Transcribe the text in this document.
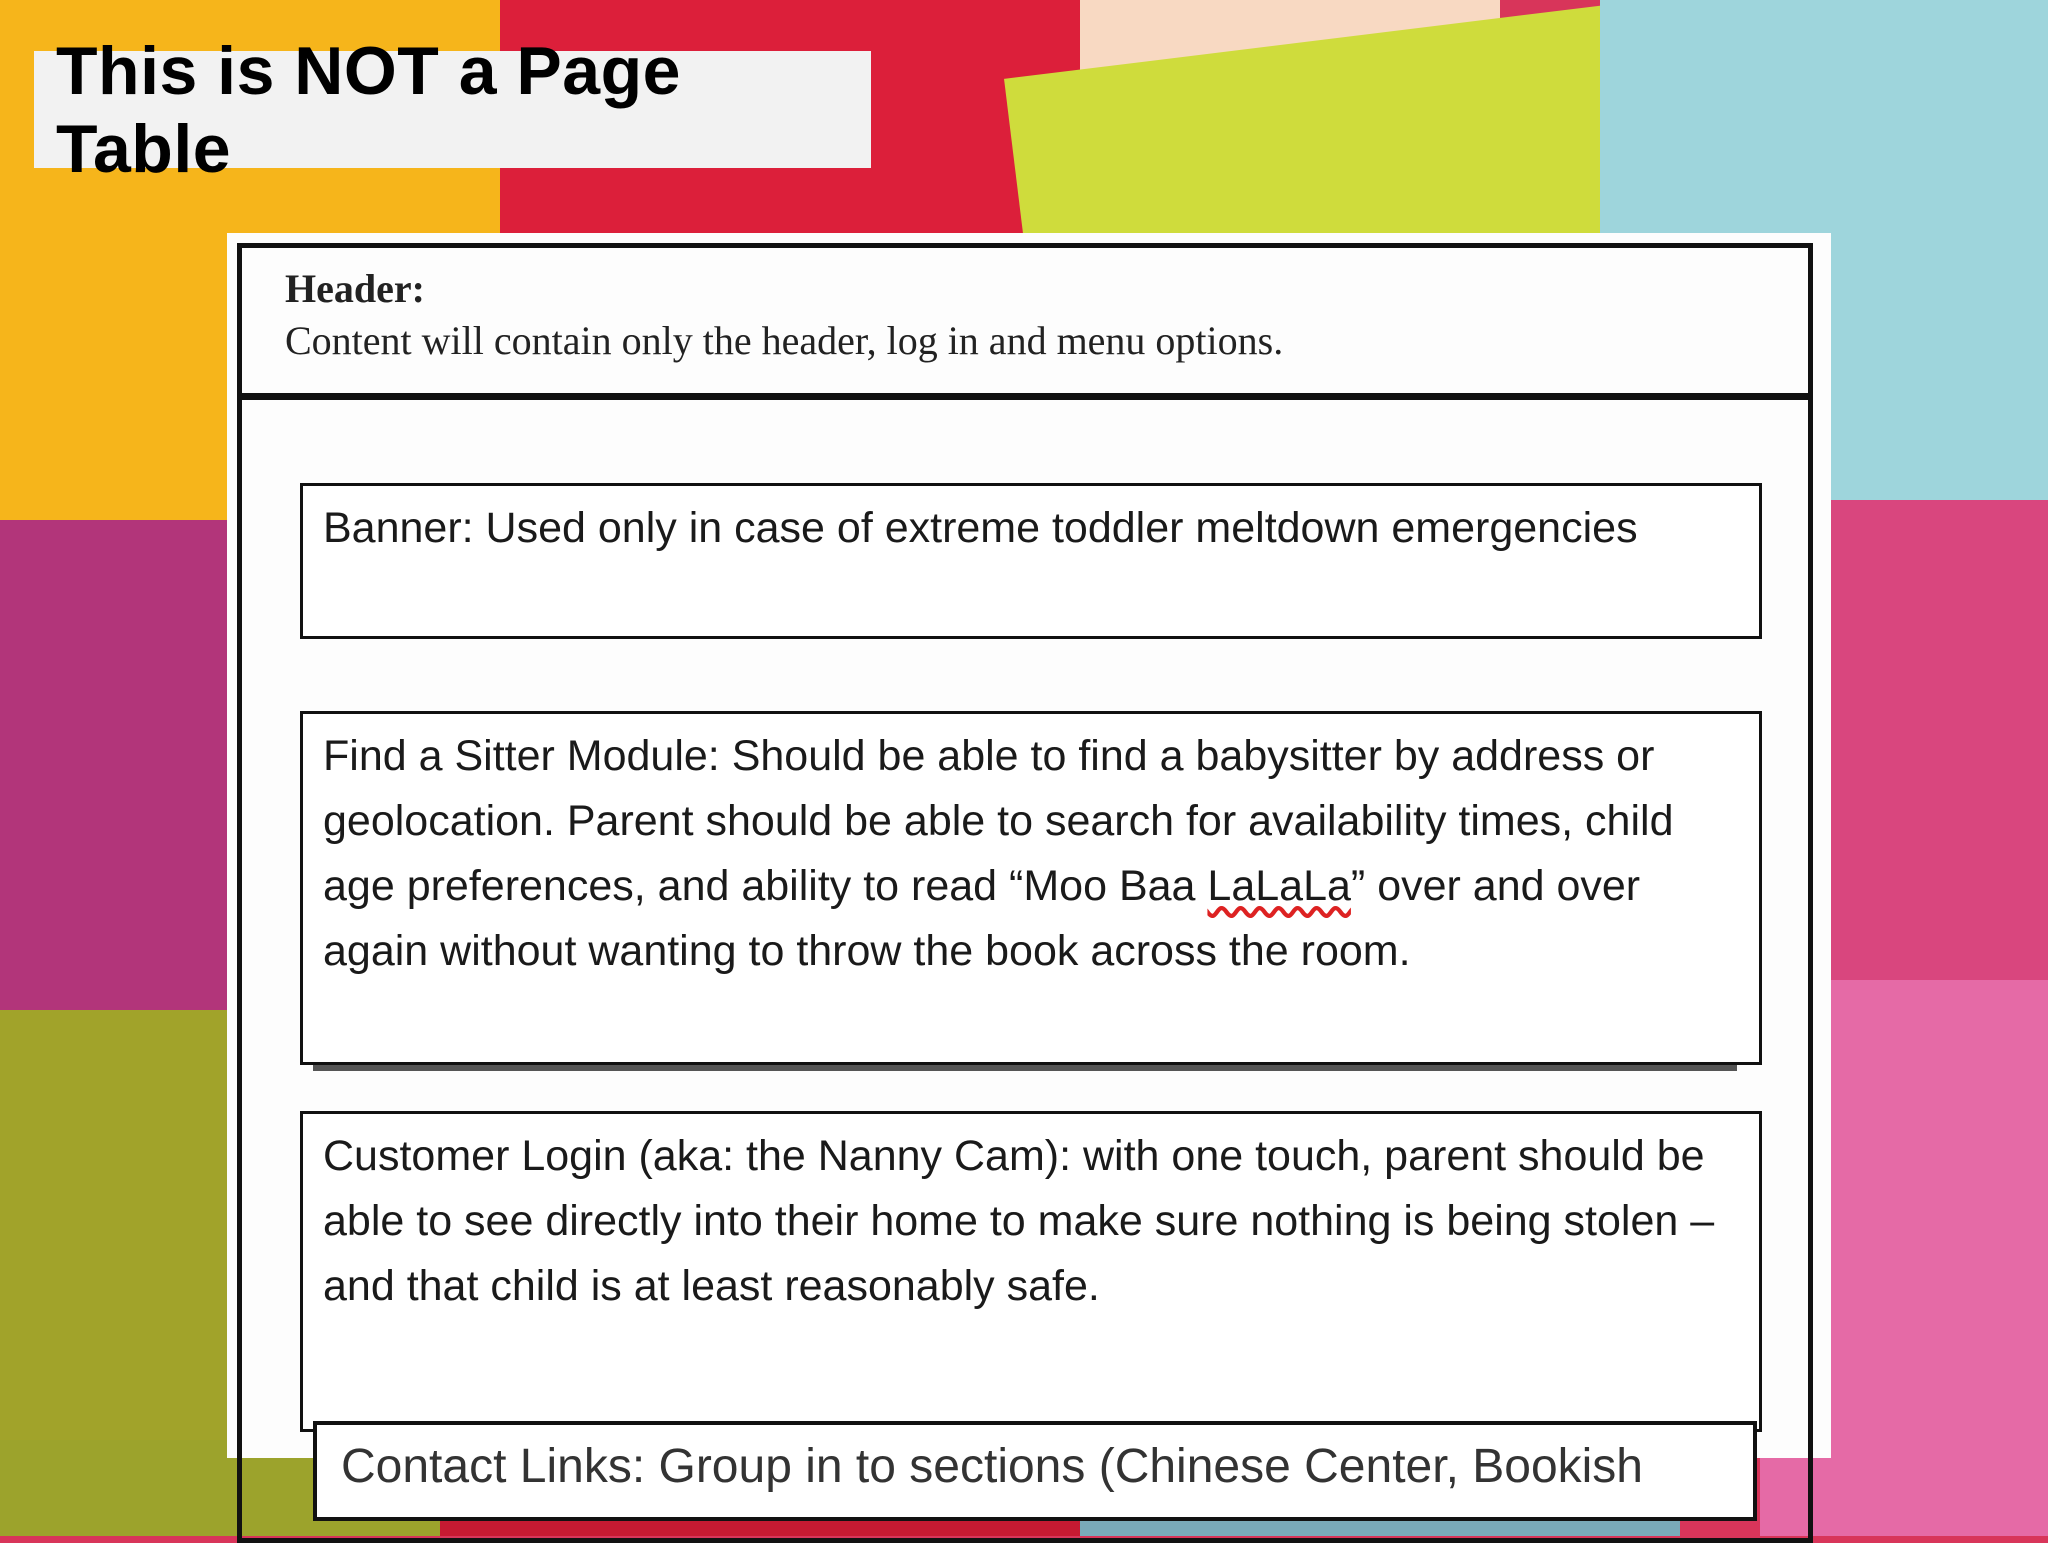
This is NOT a Page Table
Header:
Content will contain only the header, log in and menu options.
Banner: Used only in case of extreme toddler meltdown emergencies
Find a Sitter Module: Should be able to find a babysitter by address or geolocation. Parent should be able to search for availability times, child age preferences, and ability to read “Moo Baa LaLaLa” over and over again without wanting to throw the book across the room.
Customer Login (aka: the Nanny Cam): with one touch, parent should be able to see directly into their home to make sure nothing is being stolen – and that child is at least reasonably safe.
Contact Links: Group in to sections (Chinese Center, Bookish
